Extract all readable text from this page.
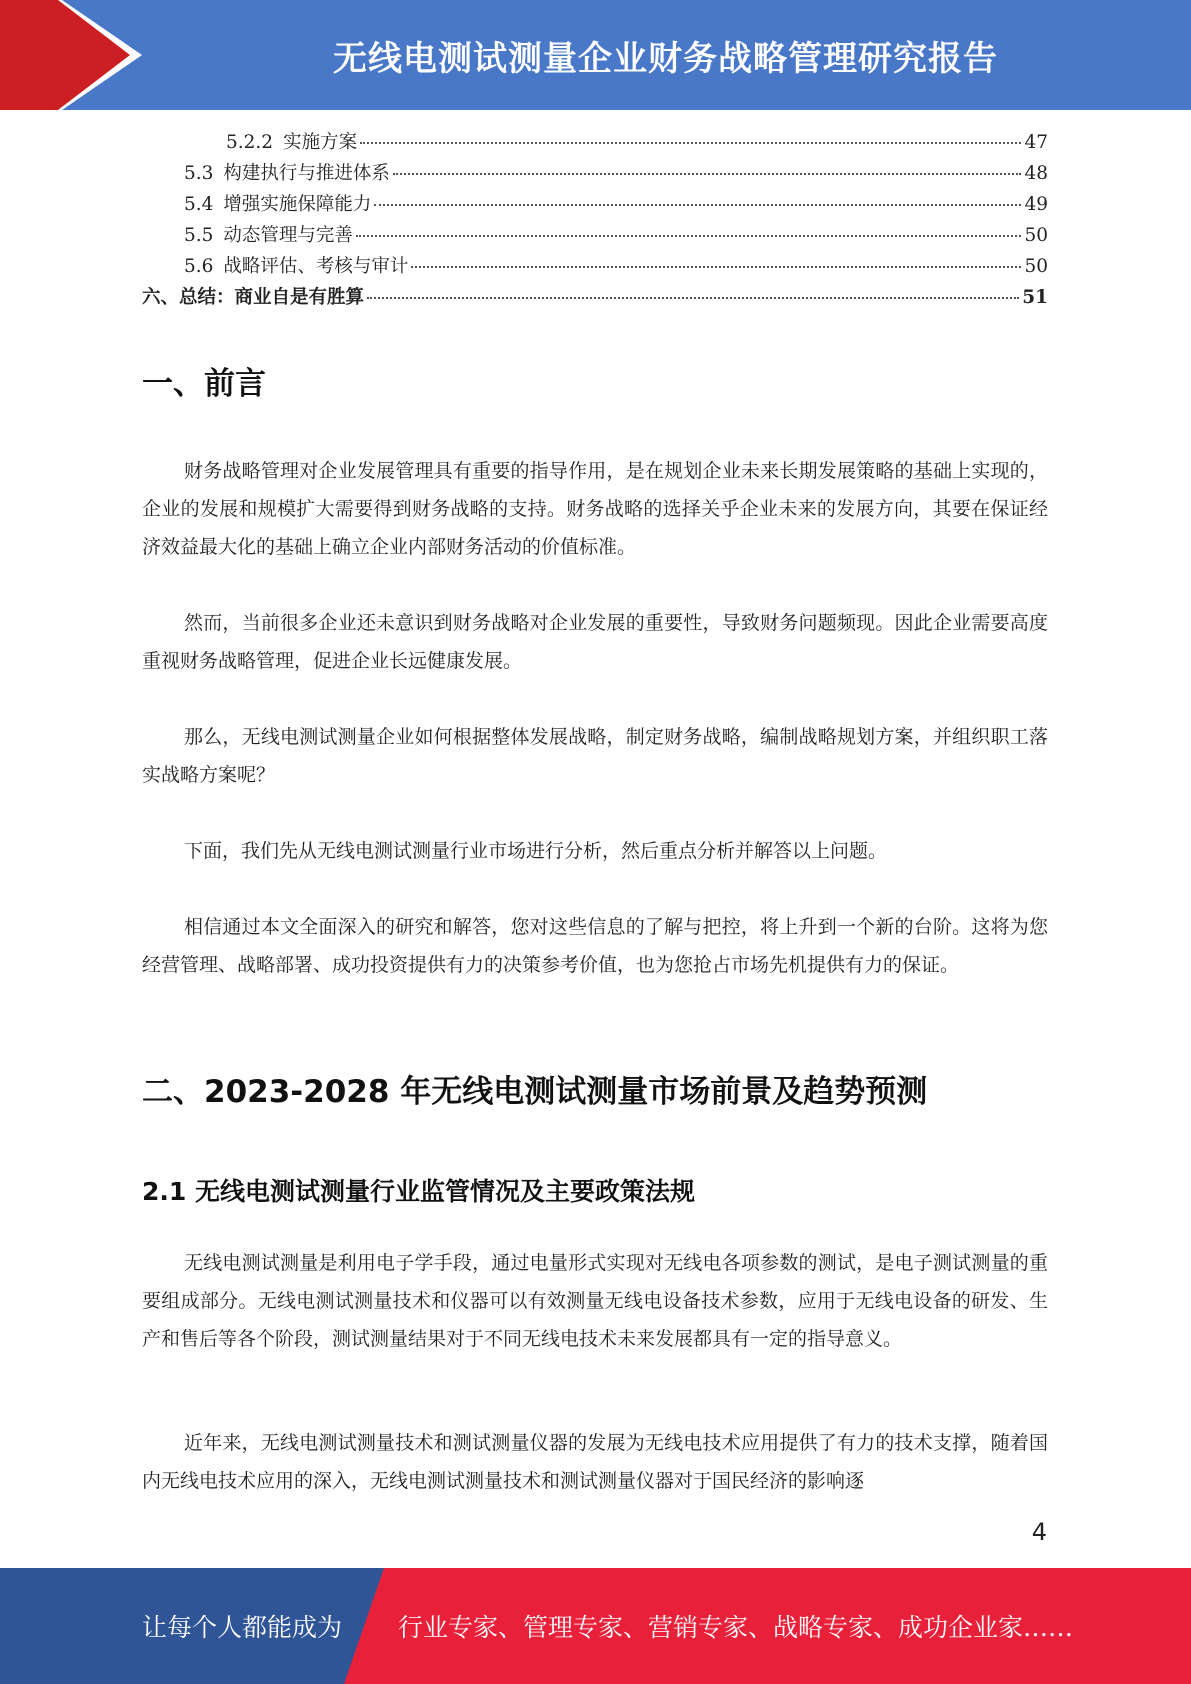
无线电测试测量企业财务战略管理研究报告
5.2.2 实施方案	47
5.3 构建执行与推进体系	48
5.4 增强实施保障能力	49
5.5 动态管理与完善	50
5.6 战略评估、考核与审计	50
六、总结：商业自是有胜算	51
一、前言

财务战略管理对企业发展管理具有重要的指导作用，是在规划企业未来长期发展策略的基础上实现的，企业的发展和规模扩大需要得到财务战略的支持。财务战略的选择关乎企业未来的发展方向，其要在保证经济效益最大化的基础上确立企业内部财务活动的价值标准。

然而，当前很多企业还未意识到财务战略对企业发展的重要性，导致财务问题频现。因此企业需要高度重视财务战略管理，促进企业长远健康发展。

那么，无线电测试测量企业如何根据整体发展战略，制定财务战略，编制战略规划方案，并组织职工落实战略方案呢？

下面，我们先从无线电测试测量行业市场进行分析，然后重点分析并解答以上问题。

相信通过本文全面深入的研究和解答，您对这些信息的了解与把控，将上升到一个新的台阶。这将为您经营管理、战略部署、成功投资提供有力的决策参考价值，也为您抢占市场先机提供有力的保证。

二、2023-2028 年无线电测试测量市场前景及趋势预测
2.1 无线电测试测量行业监管情况及主要政策法规

无线电测试测量是利用电子学手段，通过电量形式实现对无线电各项参数的测试，是电子测试测量的重要组成部分。无线电测试测量技术和仪器可以有效测量无线电设备技术参数，应用于无线电设备的研发、生产和售后等各个阶段，测试测量结果对于不同无线电技术未来发展都具有一定的指导意义。

近年来，无线电测试测量技术和测试测量仪器的发展为无线电技术应用提供了有力的技术支撑，随着国内无线电技术应用的深入，无线电测试测量技术和测试测量仪器对于国民经济的影响逐

4
让每个人都能成为 行业专家、管理专家、营销专家、战略专家、成功企业家……
